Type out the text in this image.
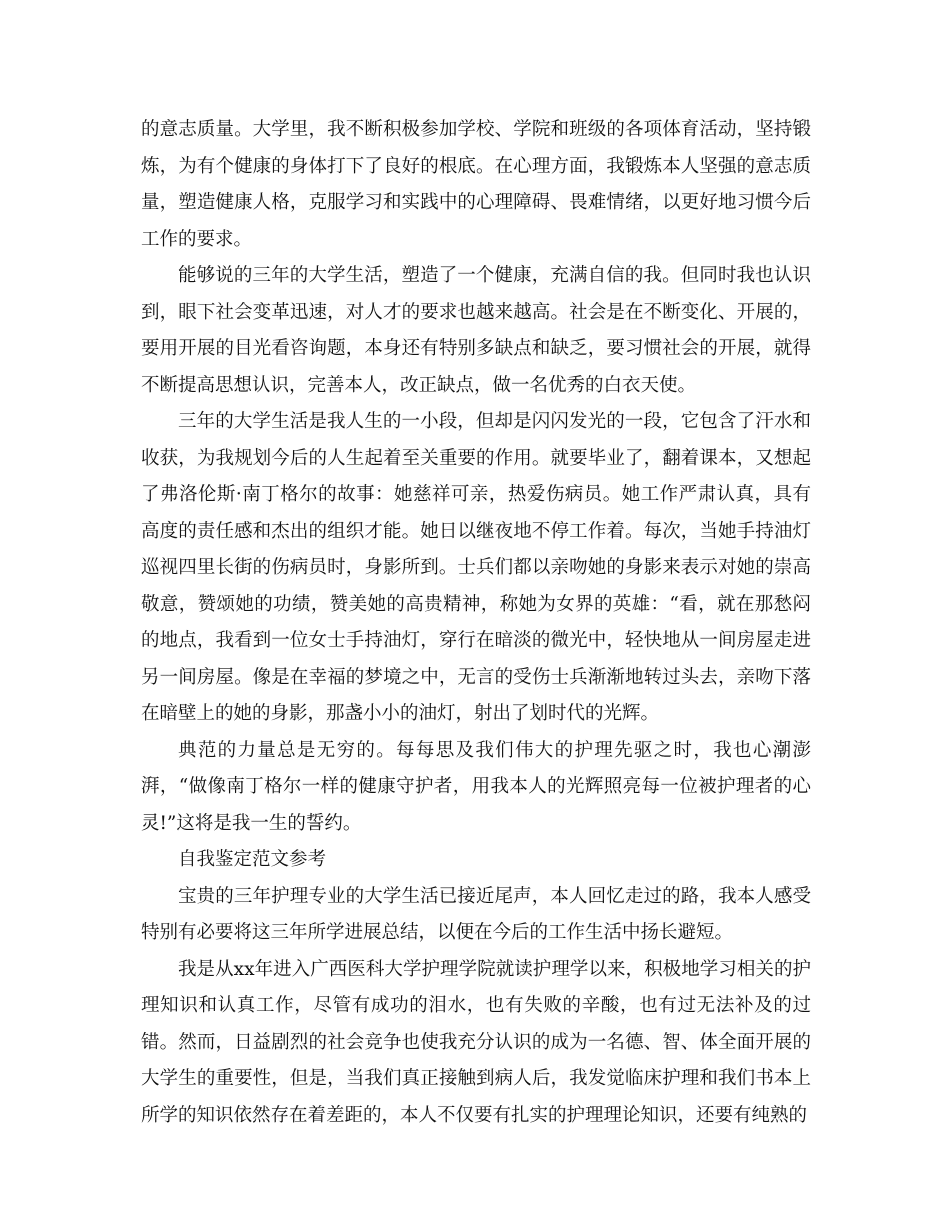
的意志质量。大学里，我不断积极参加学校、学院和班级的各项体育活动，坚持锻炼，为有个健康的身体打下了良好的根底。在心理方面，我锻炼本人坚强的意志质量，塑造健康人格，克服学习和实践中的心理障碍、畏难情绪，以更好地习惯今后工作的要求。

能够说的三年的大学生活，塑造了一个健康，充满自信的我。但同时我也认识到，眼下社会变革迅速，对人才的要求也越来越高。社会是在不断变化、开展的，要用开展的目光看咨询题，本身还有特别多缺点和缺乏，要习惯社会的开展，就得不断提高思想认识，完善本人，改正缺点，做一名优秀的白衣天使。

三年的大学生活是我人生的一小段，但却是闪闪发光的一段，它包含了汗水和收获，为我规划今后的人生起着至关重要的作用。就要毕业了，翻着课本，又想起了弗洛伦斯·南丁格尔的故事：她慈祥可亲，热爱伤病员。她工作严肃认真，具有高度的责任感和杰出的组织才能。她日以继夜地不停工作着。每次，当她手持油灯巡视四里长街的伤病员时，身影所到。士兵们都以亲吻她的身影来表示对她的崇高敬意，赞颂她的功绩，赞美她的高贵精神，称她为女界的英雄：“看，就在那愁闷的地点，我看到一位女士手持油灯，穿行在暗淡的微光中，轻快地从一间房屋走进另一间房屋。像是在幸福的梦境之中，无言的受伤士兵渐渐地转过头去，亲吻下落在暗壁上的她的身影，那盏小小的油灯，射出了划时代的光辉。

典范的力量总是无穷的。每每思及我们伟大的护理先驱之时，我也心潮澎湃，“做像南丁格尔一样的健康守护者，用我本人的光辉照亮每一位被护理者的心灵!”这将是我一生的誓约。

自我鉴定范文参考

宝贵的三年护理专业的大学生活已接近尾声，本人回忆走过的路，我本人感受特别有必要将这三年所学进展总结，以便在今后的工作生活中扬长避短。

我是从xx年进入广西医科大学护理学院就读护理学以来，积极地学习相关的护理知识和认真工作，尽管有成功的泪水，也有失败的辛酸，也有过无法补及的过错。然而，日益剧烈的社会竞争也使我充分认识的成为一名德、智、体全面开展的大学生的重要性，但是，当我们真正接触到病人后，我发觉临床护理和我们书本上所学的知识依然存在着差距的，本人不仅要有扎实的护理理论知识，还要有纯熟的
